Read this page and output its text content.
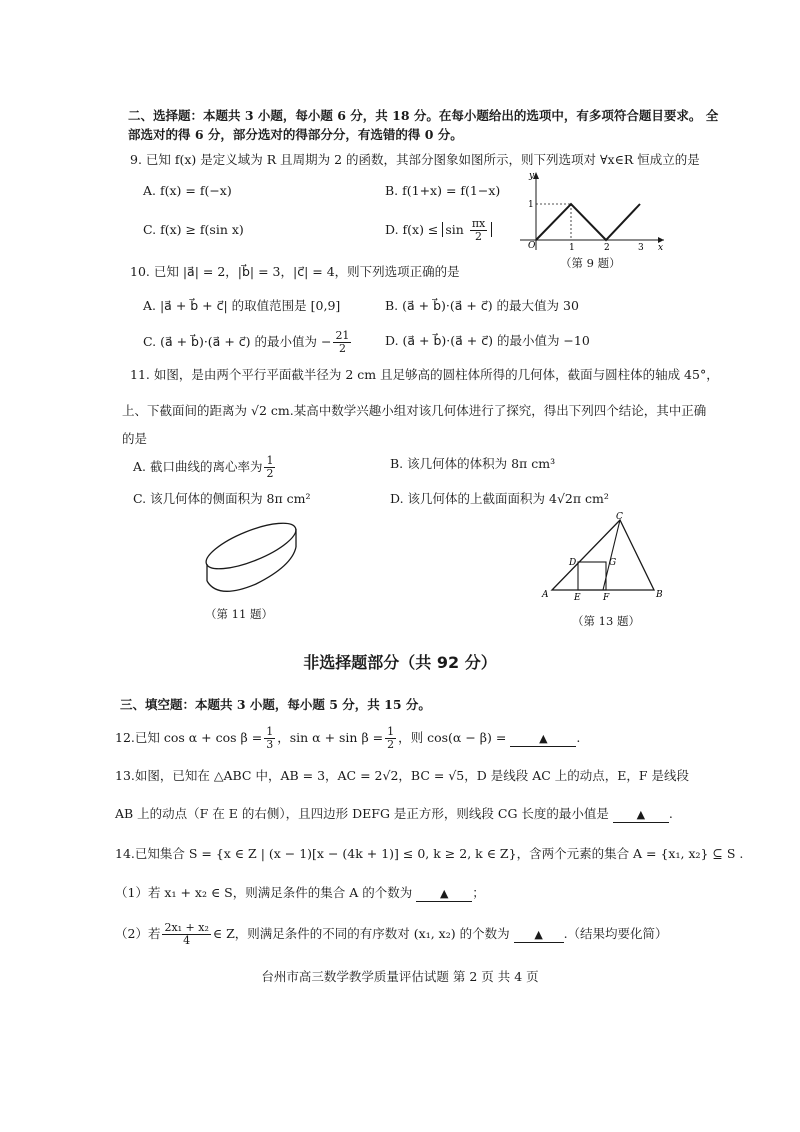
二、选择题：本题共 3 小题，每小题 6 分，共 18 分。在每小题给出的选项中，有多项符合题目要求。 全
部选对的得 6 分，部分选对的得部分分，有选错的得 0 分。
9. 已知 f(x) 是定义域为 R 且周期为 2 的函数，其部分图象如图所示，则下列选项对 ∀x∈R 恒成立的是
A. f(x) = f(−x)	B. f(1+x) = f(1−x)
C. f(x) ≥ f(sin x)	D. $f(x) \le \sin \frac{\pi x}{2}$
y
x
O
1
1	2	3
（第 9 题）
10. 已知 |a⃗| = 2，|b⃗| = 3，|c⃗| = 4，则下列选项正确的是
A. |a⃗ + b⃗ + c⃗| 的取值范围是 [0,9]	B. (a⃗ + b⃗)·(a⃗ + c⃗) 的最大值为 30
C. (a⃗ + b⃗)·(a⃗ + c⃗) 的最小值为 − $\frac{21}{2}$	D. (a⃗ + b⃗)·(a⃗ + c⃗) 的最小值为 −10
11. 如图，是由两个平行平面截半径为 2 cm 且足够高的圆柱体所得的几何体，截面与圆柱体的轴成 45°，
上、下截面间的距离为 √2 cm.某高中数学兴趣小组对该几何体进行了探究，得出下列四个结论，其中正确
的是
A. 截口曲线的离心率为 $\frac{1}{2}$	B. 该几何体的体积为 8π cm³
C. 该几何体的侧面积为 8π cm²	D. 该几何体的上截面面积为 4√2π cm²
（第 11 题）
A	B
C
D
E F
G
（第 13 题）
非选择题部分（共 92 分）
三、填空题：本题共 3 小题，每小题 5 分，共 15 分。
12.已知 $\cos \alpha + \cos \beta = \frac{1}{3}$ ，$\sin \alpha + \sin \beta = \frac{1}{2}$ ，则 cos(α − β) =	▲ .
13.如图，已知在 △ABC 中，AB = 3，AC = 2√2，BC = √5，D 是线段 AC 上的动点，E，F 是线段
AB 上的动点（F 在 E 的右侧），且四边形 DEFG 是正方形，则线段 CG 长度的最小值是	▲ .
14.已知集合 S = {x ∈ Z | (x − 1)[x − (4k + 1)] ≤ 0, k ≥ 2, k ∈ Z}，含两个元素的集合 A = {x₁, x₂} ⊆ S .
（1）若 x₁ + x₂ ∈ S，则满足条件的集合 A 的个数为	▲ ；
（2）若 $\frac{\text{2x₁ + x₂}}{4}$ ∈ Z，则满足条件的不同的有序数对 (x₁, x₂) 的个数为 ▲ .（结果均要化简）
台州市高三数学教学质量评估试题 第 2 页 共 4 页
